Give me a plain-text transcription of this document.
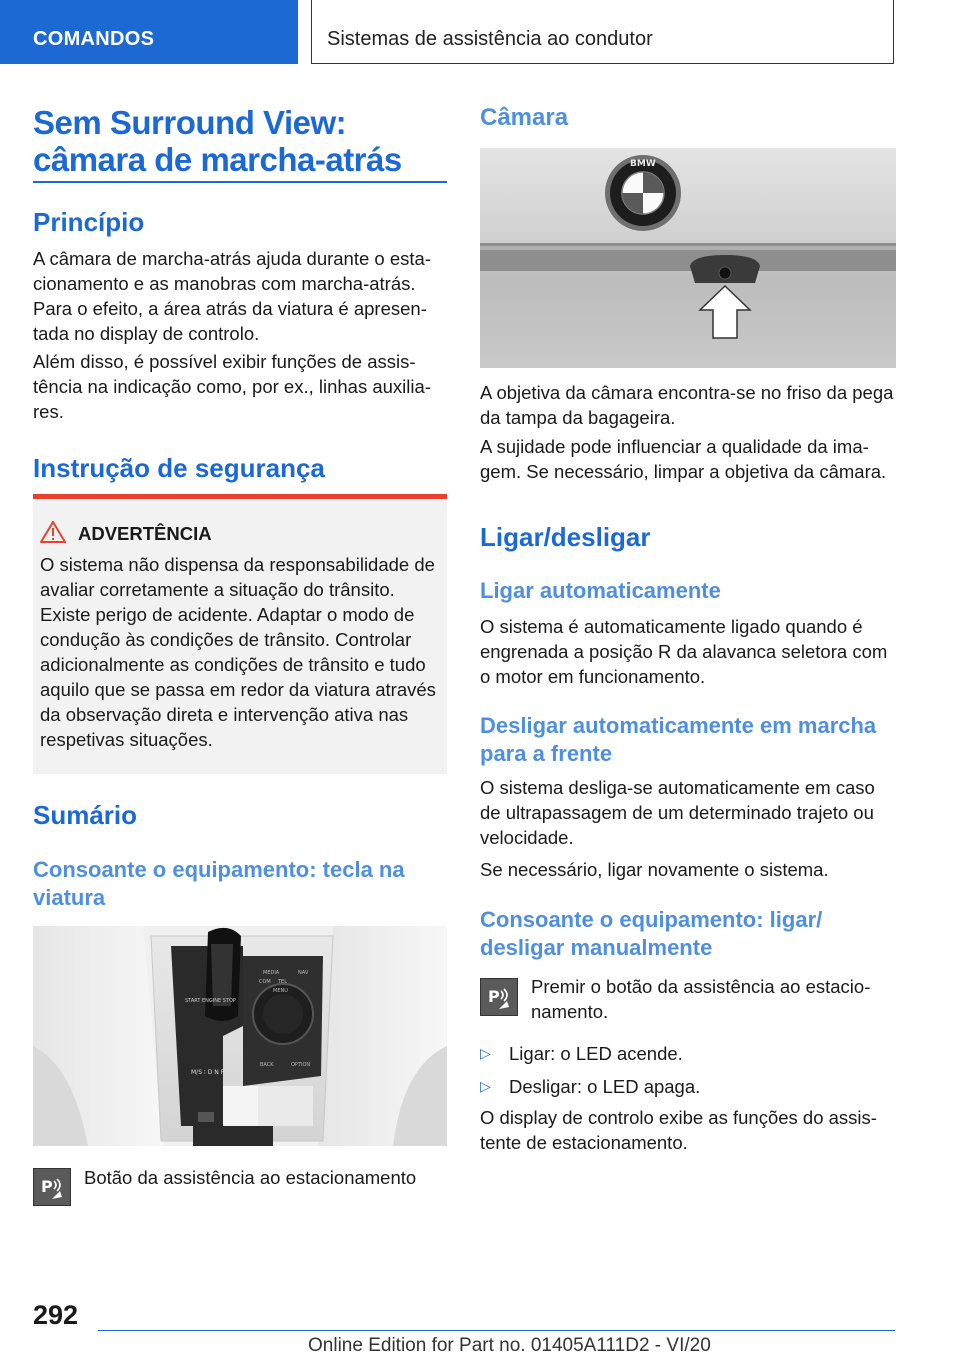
COMANDOS	Sistemas de assistência ao condutor
Sem Surround View:
câmara de marcha-atrás
Princípio

A câmara de marcha-atrás ajuda durante o estacionamento e as manobras com marcha-atrás. Para o efeito, a área atrás da viatura é apresentada no display de controlo.

Além disso, é possível exibir funções de assistência na indicação como, por ex., linhas auxiliares.

Instrução de segurança
ADVERTÊNCIA
O sistema não dispensa da responsabilidade de avaliar corretamente a situação do trânsito. Existe perigo de acidente. Adaptar o modo de condução às condições de trânsito. Controlar adicionalmente as condições de trânsito e tudo aquilo que se passa em redor da viatura através da observação direta e intervenção ativa nas respetivas situações.
Sumário
Consoante o equipamento: tecla na viatura
START ENGINE STOP
MEDIA	NAV
COM TEL
MENU
BACK	OPTION
M/S ⁝ D N R P
P Botão da assistência ao estacionamento
Câmara
BMW

A objetiva da câmara encontra-se no friso da pega da tampa da bagageira.

A sujidade pode influenciar a qualidade da imagem. Se necessário, limpar a objetiva da câmara.

Ligar/desligar
Ligar automaticamente

O sistema é automaticamente ligado quando é engrenada a posição R da alavanca seletora com o motor em funcionamento.

Desligar automaticamente em marcha para a frente

O sistema desliga-se automaticamente em caso de ultrapassagem de um determinado trajeto ou velocidade.

Se necessário, ligar novamente o sistema.

Consoante o equipamento: ligar/ desligar manualmente
P Premir o botão da assistência ao estacionamento.

▷ Ligar: o LED acende.
▷ Desligar: o LED apaga.

O display de controlo exibe as funções do assistente de estacionamento.

292
Online Edition for Part no. 01405A111D2 - VI/20
